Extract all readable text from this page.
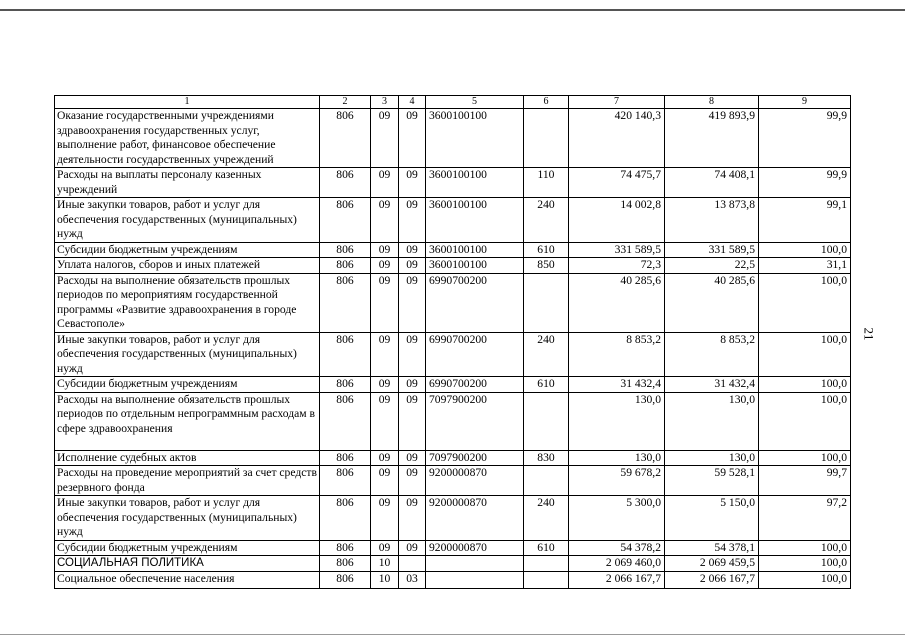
21
1	2	3	4	5	6	7	8	9
Оказание государственными учреждениями здравоохранения государственных услуг, выполнение работ, финансовое обеспечение деятельности государственных учреждений	806	09	09	3600100100		420 140,3	419 893,9	99,9
Расходы на выплаты персоналу казенных учреждений	806	09	09	3600100100	110	74 475,7	74 408,1	99,9
Иные закупки товаров, работ и услуг для обеспечения государственных (муниципальных) нужд	806	09	09	3600100100	240	14 002,8	13 873,8	99,1
Субсидии бюджетным учреждениям	806	09	09	3600100100	610	331 589,5	331 589,5	100,0
Уплата налогов, сборов и иных платежей	806	09	09	3600100100	850	72,3	22,5	31,1
Расходы на выполнение обязательств прошлых периодов по мероприятиям государственной программы «Развитие здравоохранения в городе Севастополе»	806	09	09	6990700200		40 285,6	40 285,6	100,0
Иные закупки товаров, работ и услуг для обеспечения государственных (муниципальных) нужд	806	09	09	6990700200	240	8 853,2	8 853,2	100,0
Субсидии бюджетным учреждениям	806	09	09	6990700200	610	31 432,4	31 432,4	100,0
Расходы на выполнение обязательств прошлых периодов по отдельным непрограммным расходам в сфере здравоохранения	806	09	09	7097900200		130,0	130,0	100,0
Исполнение судебных актов	806	09	09	7097900200	830	130,0	130,0	100,0
Расходы на проведение мероприятий за счет средств резервного фонда	806	09	09	9200000870		59 678,2	59 528,1	99,7
Иные закупки товаров, работ и услуг для обеспечения государственных (муниципальных) нужд	806	09	09	9200000870	240	5 300,0	5 150,0	97,2
Субсидии бюджетным учреждениям	806	09	09	9200000870	610	54 378,2	54 378,1	100,0
СОЦИАЛЬНАЯ ПОЛИТИКА	806	10				2 069 460,0	2 069 459,5	100,0
Социальное обеспечение населения	806	10	03			2 066 167,7	2 066 167,7	100,0
